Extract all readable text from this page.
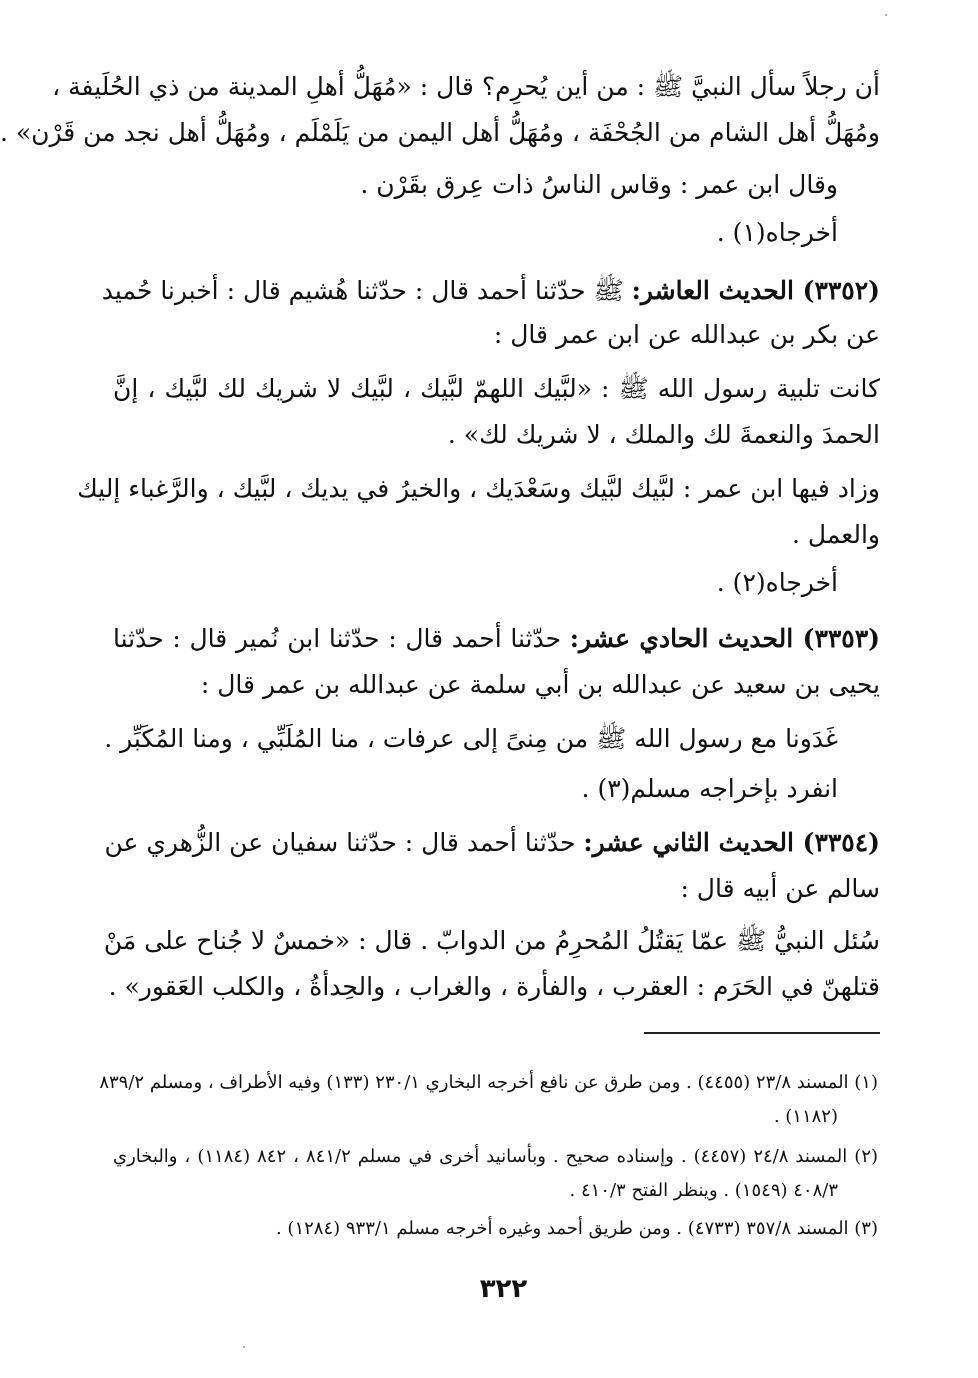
أن رجلاً سأل النبيَّ ﷺ : من أين يُحرِم؟ قال : «مُهَلُّ أهلِ المدينة من ذي الحُلَيفة ،
ومُهَلُّ أهل الشام من الجُحْفَة ، ومُهَلُّ أهل اليمن من يَلَمْلَم ، ومُهَلُّ أهل نجد من قَرْن» .
وقال ابن عمر : وقاس الناسُ ذات عِرق بقَرْن .
أخرجاه(١) .
(٣٣٥٢) الحديث العاشر: ﷺ حدّثنا أحمد قال : حدّثنا هُشيم قال : أخبرنا حُميد
عن بكر بن عبدالله عن ابن عمر قال :
كانت تلبية رسول الله ﷺ : «لبَّيك اللهمّ لبَّيك ، لبَّيك لا شريك لك لبَّيك ، إنَّ
الحمدَ والنعمةَ لك والملك ، لا شريك لك» .
وزاد فيها ابن عمر : لبَّيك لبَّيك وسَعْدَيك ، والخيرُ في يديك ، لبَّيك ، والرَّغباء إليك
والعمل .
أخرجاه(٢) .
(٣٣٥٣) الحديث الحادي عشر: حدّثنا أحمد قال : حدّثنا ابن نُمير قال : حدّثنا
يحيى بن سعيد عن عبدالله بن أبي سلمة عن عبدالله بن عمر قال :
غَدَونا مع رسول الله ﷺ من مِنىً إلى عرفات ، منا المُلَبِّي ، ومنا المُكَبِّر .
انفرد بإخراجه مسلم(٣) .
(٣٣٥٤) الحديث الثاني عشر: حدّثنا أحمد قال : حدّثنا سفيان عن الزُّهري عن
سالم عن أبيه قال :
سُئل النبيُّ ﷺ عمّا يَقتُلُ المُحرِمُ من الدوابّ . قال : «خمسٌ لا جُناح على مَنْ
قتلهنّ في الحَرَم : العقرب ، والفأرة ، والغراب ، والحِدأةُ ، والكلب العَقور» .
(١) المسند ٢٣/٨ (٤٤٥٥) . ومن طرق عن نافع أخرجه البخاري ٢٣٠/١ (١٣٣) وفيه الأطراف ، ومسلم ٨٣٩/٢
(١١٨٢) .
(٢) المسند ٢٤/٨ (٤٤٥٧) . وإسناده صحيح . وبأسانيد أخرى في مسلم ٨٤١/٢ ، ٨٤٢ (١١٨٤) ، والبخاري
٤٠٨/٣ (١٥٤٩) . وينظر الفتح ٤١٠/٣ .
(٣) المسند ٣٥٧/٨ (٤٧٣٣) . ومن طريق أحمد وغيره أخرجه مسلم ٩٣٣/١ (١٢٨٤) .
٣٢٢
